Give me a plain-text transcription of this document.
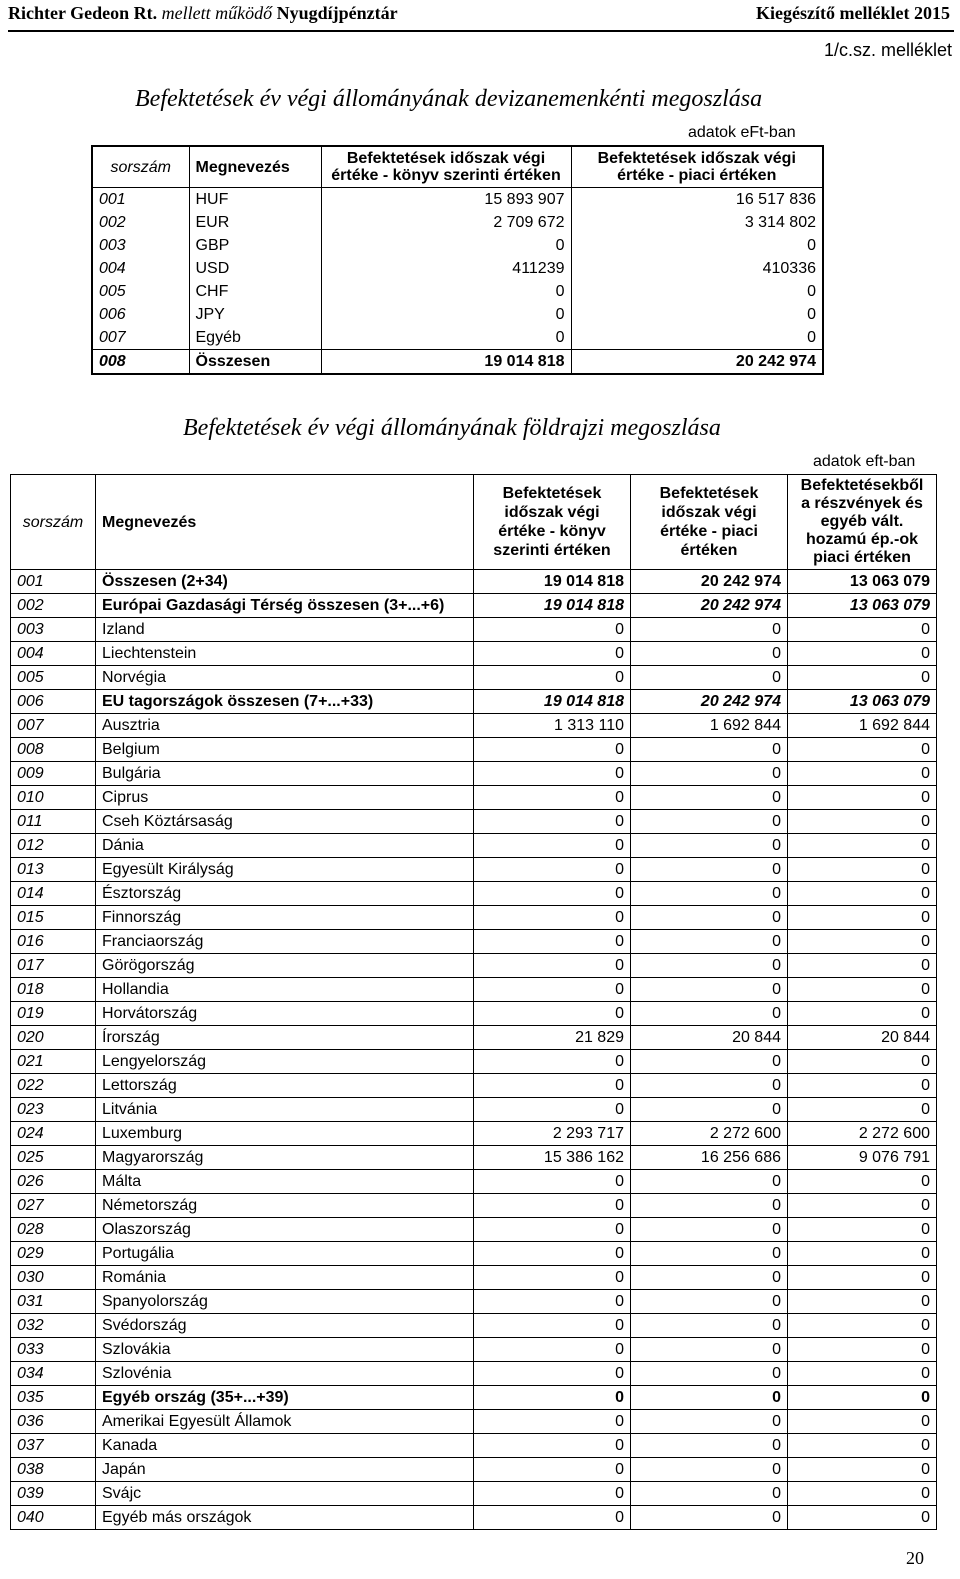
Richter Gedeon Rt. mellett működő Nyugdíjpénztár	Kiegészítő melléklet 2015
1/c.sz. melléklet
Befektetések év végi állományának devizanemenkénti megoszlása
adatok eFt-ban
sorszám	Megnevezés	Befektetések időszak végi értéke - könyv szerinti értéken	Befektetések időszak végi értéke - piaci értéken
001	HUF	15 893 907	16 517 836
002	EUR	2 709 672	3 314 802
003	GBP	0	0
004	USD	411239	410336
005	CHF	0	0
006	JPY	0	0
007	Egyéb	0	0
008	Összesen	19 014 818	20 242 974
Befektetések év végi állományának földrajzi megoszlása
adatok eft-ban
sorszám	Megnevezés	Befektetések időszak végi értéke - könyv szerinti értéken	Befektetések időszak végi értéke - piaci értéken	Befektetésekből a részvények és egyéb vált. hozamú ép.-ok piaci értéken
001	Összesen (2+34)	19 014 818	20 242 974	13 063 079
002	Európai Gazdasági Térség összesen (3+...+6)	19 014 818	20 242 974	13 063 079
003	Izland	0	0	0
004	Liechtenstein	0	0	0
005	Norvégia	0	0	0
006	EU tagországok összesen (7+...+33)	19 014 818	20 242 974	13 063 079
007	Ausztria	1 313 110	1 692 844	1 692 844
008	Belgium	0	0	0
009	Bulgária	0	0	0
010	Ciprus	0	0	0
011	Cseh Köztársaság	0	0	0
012	Dánia	0	0	0
013	Egyesült Királyság	0	0	0
014	Észtország	0	0	0
015	Finnország	0	0	0
016	Franciaország	0	0	0
017	Görögország	0	0	0
018	Hollandia	0	0	0
019	Horvátország	0	0	0
020	Írország	21 829	20 844	20 844
021	Lengyelország	0	0	0
022	Lettország	0	0	0
023	Litvánia	0	0	0
024	Luxemburg	2 293 717	2 272 600	2 272 600
025	Magyarország	15 386 162	16 256 686	9 076 791
026	Málta	0	0	0
027	Németország	0	0	0
028	Olaszország	0	0	0
029	Portugália	0	0	0
030	Románia	0	0	0
031	Spanyolország	0	0	0
032	Svédország	0	0	0
033	Szlovákia	0	0	0
034	Szlovénia	0	0	0
035	Egyéb ország (35+...+39)	0	0	0
036	Amerikai Egyesült Államok	0	0	0
037	Kanada	0	0	0
038	Japán	0	0	0
039	Svájc	0	0	0
040	Egyéb más országok	0	0	0
20
